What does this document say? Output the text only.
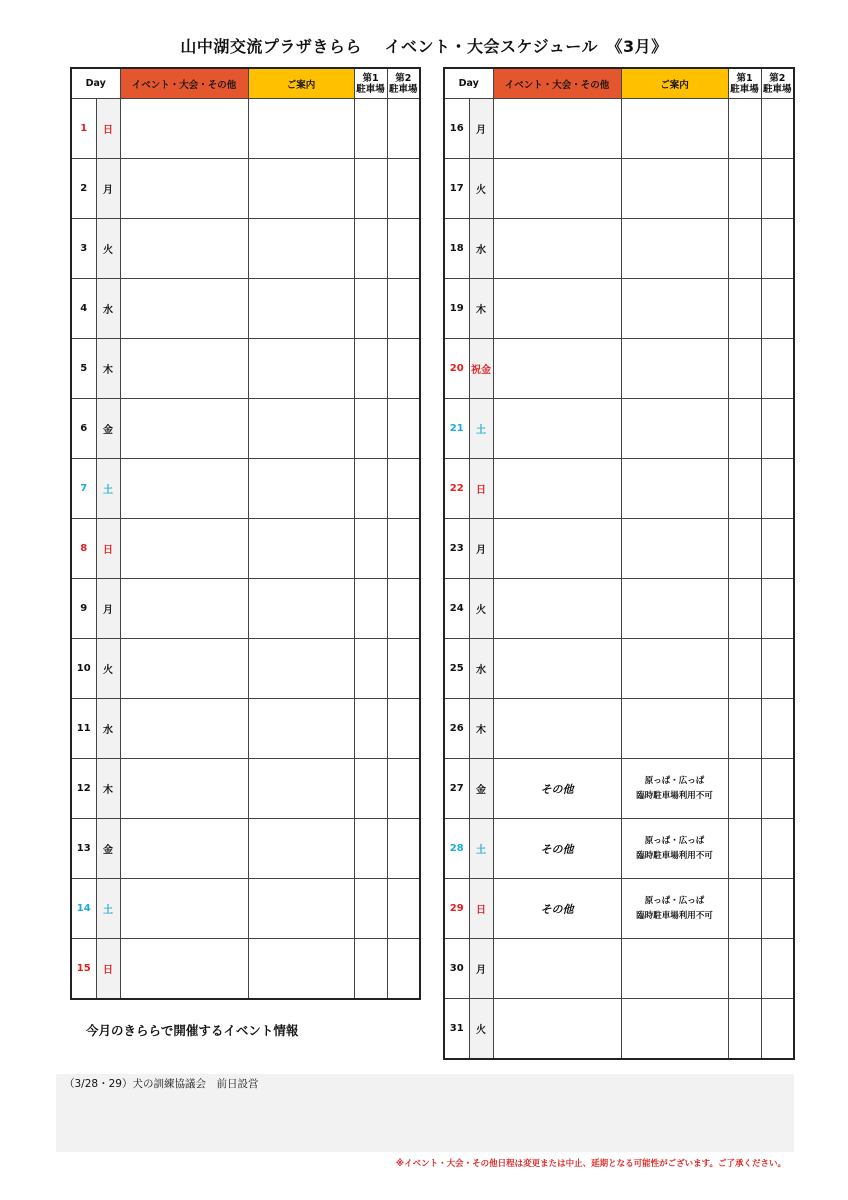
山中湖交流プラザきらら　 イベント・大会スケジュール　《3月》
Day		イベント・大会・その他	ご案内	第1
駐車場	第2
駐車場
1	日				
2	月				
3	火				
4	水				
5	木				
6	金				
7	土				
8	日				
9	月				
10	火				
11	水				
12	木				
13	金				
14	土				
15	日				
Day		イベント・大会・その他	ご案内	第1
駐車場	第2
駐車場
16	月				
17	火				
18	水				
19	木				
20	祝金				
21	土				
22	日				
23	月				
24	火				
25	水				
26	木				
27	金	その他	原っぱ・広っぱ
臨時駐車場利用不可		

28	土	その他	原っぱ・広っぱ
臨時駐車場利用不可		

29	日	その他	原っぱ・広っぱ
臨時駐車場利用不可		

30	月				
31	火				
今月のきららで開催するイベント情報
（3/28・29）犬の訓練協議会　前日設営
※イベント・大会・その他日程は変更または中止、延期となる可能性がございます。ご了承ください。
